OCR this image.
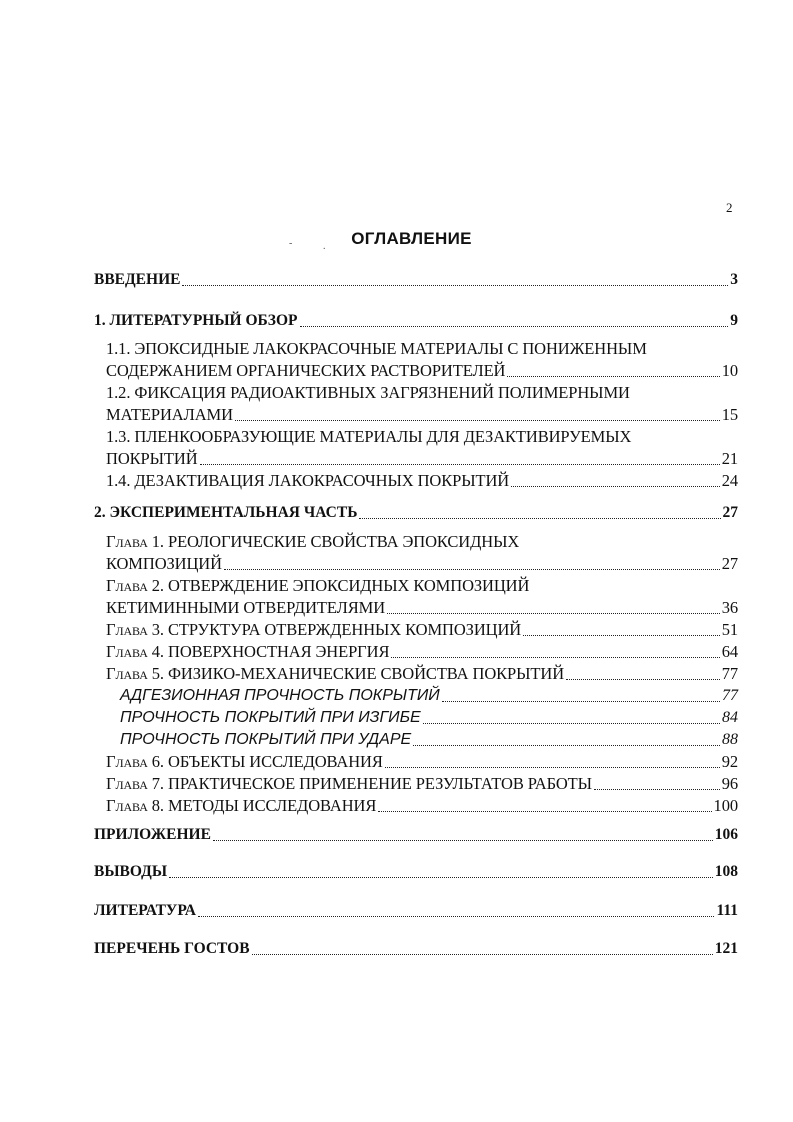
2
ОГЛАВЛЕНИЕ
ВВЕДЕНИЕ	3
1. ЛИТЕРАТУРНЫЙ ОБЗОР	9
1.1. ЭПОКСИДНЫЕ ЛАКОКРАСОЧНЫЕ МАТЕРИАЛЫ С ПОНИЖЕННЫМ
СОДЕРЖАНИЕМ ОРГАНИЧЕСКИХ РАСТВОРИТЕЛЕЙ	10
1.2. ФИКСАЦИЯ РАДИОАКТИВНЫХ ЗАГРЯЗНЕНИЙ ПОЛИМЕРНЫМИ
МАТЕРИАЛАМИ	15
1.3. ПЛЕНКООБРАЗУЮЩИЕ МАТЕРИАЛЫ ДЛЯ ДЕЗАКТИВИРУЕМЫХ
ПОКРЫТИЙ	21
1.4. ДЕЗАКТИВАЦИЯ ЛАКОКРАСОЧНЫХ ПОКРЫТИЙ	24
2. ЭКСПЕРИМЕНТАЛЬНАЯ ЧАСТЬ	27
Глава 1. РЕОЛОГИЧЕСКИЕ СВОЙСТВА ЭПОКСИДНЫХ
КОМПОЗИЦИЙ	27
Глава 2. ОТВЕРЖДЕНИЕ ЭПОКСИДНЫХ КОМПОЗИЦИЙ
КЕТИМИННЫМИ ОТВЕРДИТЕЛЯМИ	36
Глава 3. СТРУКТУРА ОТВЕРЖДЕННЫХ КОМПОЗИЦИЙ	51
Глава 4. ПОВЕРХНОСТНАЯ ЭНЕРГИЯ	64
Глава 5. ФИЗИКО-МЕХАНИЧЕСКИЕ СВОЙСТВА ПОКРЫТИЙ	77
АДГЕЗИОННАЯ ПРОЧНОСТЬ ПОКРЫТИЙ	77
ПРОЧНОСТЬ ПОКРЫТИЙ ПРИ ИЗГИБЕ	84
ПРОЧНОСТЬ ПОКРЫТИЙ ПРИ УДАРЕ	88
Глава 6. ОБЪЕКТЫ ИССЛЕДОВАНИЯ	92
Глава 7. ПРАКТИЧЕСКОЕ ПРИМЕНЕНИЕ РЕЗУЛЬТАТОВ РАБОТЫ	96
Глава 8. МЕТОДЫ ИССЛЕДОВАНИЯ	100
ПРИЛОЖЕНИЕ	106
ВЫВОДЫ	108
ЛИТЕРАТУРА	111
ПЕРЕЧЕНЬ ГОСТОВ	121
-	.
